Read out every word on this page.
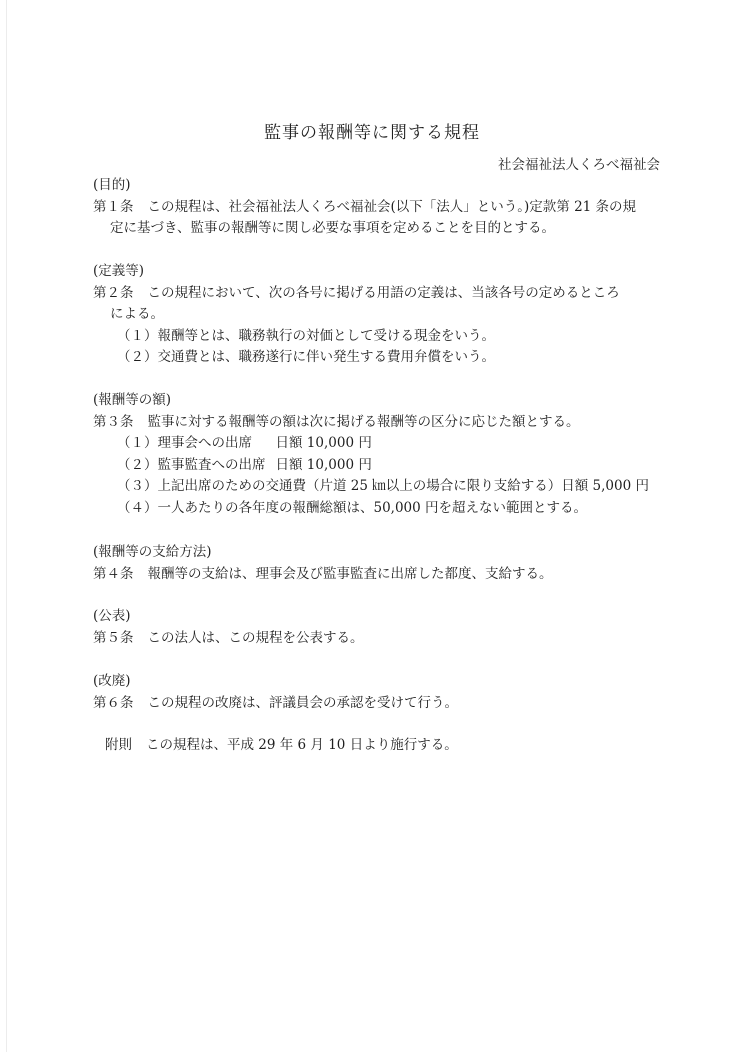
監事の報酬等に関する規程
社会福祉法人くろべ福祉会
(目的)
第１条 この規程は、社会福祉法人くろべ福祉会(以下「法人」という。)定款第 21 条の規
定に基づき、監事の報酬等に関し必要な事項を定めることを目的とする。
(定義等)
第２条 この規程において、次の各号に掲げる用語の定義は、当該各号の定めるところ
による。
（１）報酬等とは、職務執行の対価として受ける現金をいう。
（２）交通費とは、職務遂行に伴い発生する費用弁償をいう。
(報酬等の額)
第３条 監事に対する報酬等の額は次に掲げる報酬等の区分に応じた額とする。
（１）理事会への出席 日額 10,000 円
（２）監事監査への出席 日額 10,000 円
（３）上記出席のための交通費（片道 25 ㎞以上の場合に限り支給する）日額 5,000 円
（４）一人あたりの各年度の報酬総額は、50,000 円を超えない範囲とする。
(報酬等の支給方法)
第４条 報酬等の支給は、理事会及び監事監査に出席した都度、支給する。
(公表)
第５条 この法人は、この規程を公表する。
(改廃)
第６条 この規程の改廃は、評議員会の承認を受けて行う。
附則 この規程は、平成 29 年 6 月 10 日より施行する。
